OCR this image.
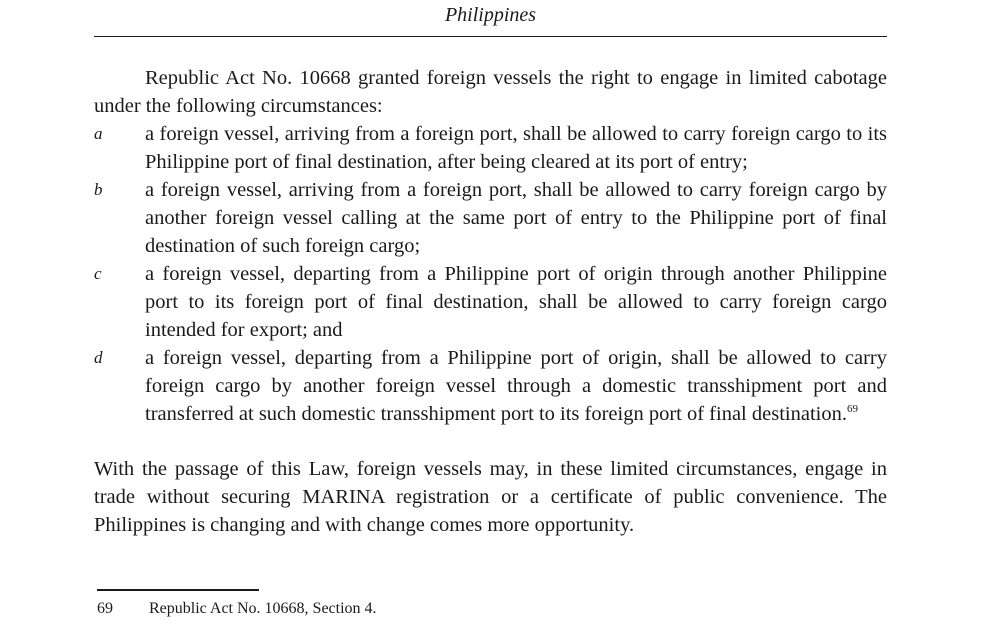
Philippines

Republic Act No. 10668 granted foreign vessels the right to engage in limited cabotage under the following circumstances:

a a foreign vessel, arriving from a foreign port, shall be allowed to carry foreign cargo to its Philippine port of final destination, after being cleared at its port of entry;
b a foreign vessel, arriving from a foreign port, shall be allowed to carry foreign cargo by another foreign vessel calling at the same port of entry to the Philippine port of final destination of such foreign cargo;
c a foreign vessel, departing from a Philippine port of origin through another Philippine port to its foreign port of final destination, shall be allowed to carry foreign cargo intended for export; and
d a foreign vessel, departing from a Philippine port of origin, shall be allowed to carry foreign cargo by another foreign vessel through a domestic transshipment port and transferred at such domestic transshipment port to its foreign port of final destination.$^{69}$

With the passage of this Law, foreign vessels may, in these limited circumstances, engage in trade without securing MARINA registration or a certificate of public convenience. The Philippines is changing and with change comes more opportunity.

69 Republic Act No. 10668, Section 4.
